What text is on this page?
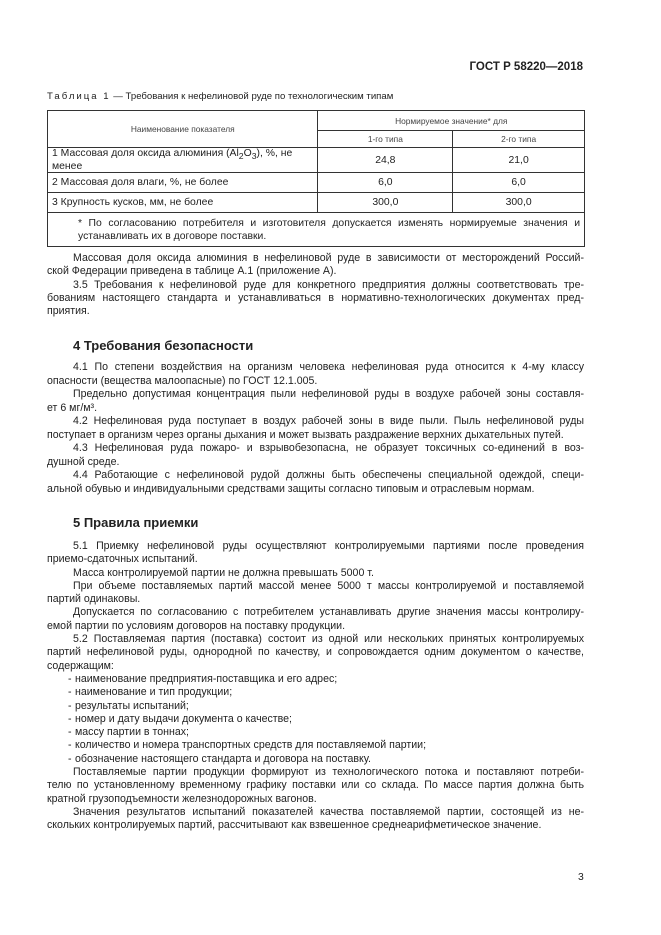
ГОСТ Р 58220—2018
Таблица 1 — Требования к нефелиновой руде по технологическим типам
Наименование показателя	Нормируемое значение* для	
	1-го типа	2-го типа
1 Массовая доля оксида алюминия $(Al_2O_3)$, %, не менее	24,8	21,0
2 Массовая доля влаги, %, не более	6,0	6,0
3 Крупность кусков, мм, не более	300,0	300,0

* По согласованию потребителя и изготовителя допускается изменять нормируемые значения и устанавливать их в договоре поставки.		
Массовая доля оксида алюминия в нефелиновой руде в зависимости от месторождений Россий-
ской Федерации приведена в таблице А.1 (приложение А).
3.5 Требования к нефелиновой руде для конкретного предприятия должны соответствовать тре-
бованиям настоящего стандарта и устанавливаться в нормативно-технологических документах пред-
приятия.
4 Требования безопасности
4.1 По степени воздействия на организм человека нефелиновая руда относится к 4-му классу
опасности (вещества малоопасные) по ГОСТ 12.1.005.
Предельно допустимая концентрация пыли нефелиновой руды в воздухе рабочей зоны составля-
ет 6 мг/м³.
4.2 Нефелиновая руда поступает в воздух рабочей зоны в виде пыли. Пыль нефелиновой руды
поступает в организм через органы дыхания и может вызвать раздражение верхних дыхательных путей.
4.3 Нефелиновая руда пожаро- и взрывобезопасна, не образует токсичных со-единений в воз-
душной среде.
4.4 Работающие с нефелиновой рудой должны быть обеспечены специальной одеждой, специ-
альной обувью и индивидуальными средствами защиты согласно типовым и отраслевым нормам.
5 Правила приемки
5.1 Приемку нефелиновой руды осуществляют контролируемыми партиями после проведения
приемо-сдаточных испытаний.
Масса контролируемой партии не должна превышать 5000 т.
При объеме поставляемых партий массой менее 5000 т массы контролируемой и поставляемой
партий одинаковы.
Допускается по согласованию с потребителем устанавливать другие значения массы контролиру-
емой партии по условиям договоров на поставку продукции.
5.2 Поставляемая партия (поставка) состоит из одной или нескольких принятых контролируемых
партий нефелиновой руды, однородной по качеству, и сопровождается одним документом о качестве,
содержащим:
- наименование предприятия-поставщика и его адрес;
- наименование и тип продукции;
- результаты испытаний;
- номер и дату выдачи документа о качестве;
- массу партии в тоннах;
- количество и номера транспортных средств для поставляемой партии;
- обозначение настоящего стандарта и договора на поставку.
Поставляемые партии продукции формируют из технологического потока и поставляют потреби-
телю по установленному временному графику поставки или со склада. По массе партия должна быть
кратной грузоподъемности железнодорожных вагонов.
Значения результатов испытаний показателей качества поставляемой партии, состоящей из не-
скольких контролируемых партий, рассчитывают как взвешенное среднеарифметическое значение.
3
